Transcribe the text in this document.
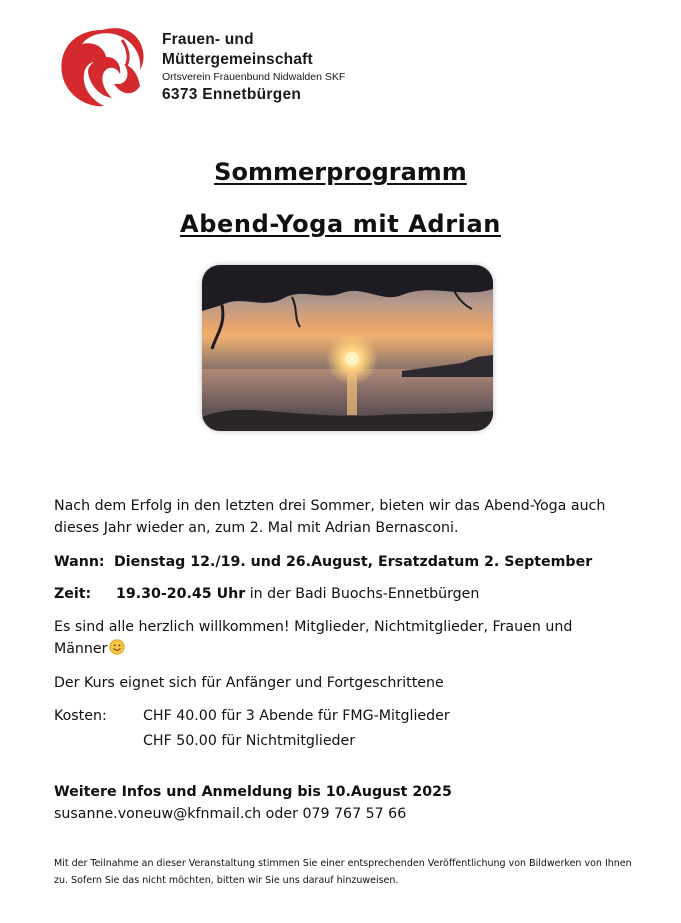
Frauen- und
Müttergemeinschaft
Ortsverein Frauenbund Nidwalden SKF
6373 Ennetbürgen
Sommerprogramm
Abend-Yoga mit Adrian
Nach dem Erfolg in den letzten drei Sommer, bieten wir das Abend-Yoga auch dieses Jahr wieder an, zum 2. Mal mit Adrian Bernasconi.
Wann: Dienstag 12./19. und 26.August, Ersatzdatum 2. September
Zeit: 19.30-20.45 Uhr in der Badi Buochs-Ennetbürgen
Es sind alle herzlich willkommen! Mitglieder, Nichtmitglieder, Frauen und Männer
Der Kurs eignet sich für Anfänger und Fortgeschrittene
Kosten:	CHF 40.00 für 3 Abende für FMG-Mitglieder
CHF 50.00 für Nichtmitglieder
Weitere Infos und Anmeldung bis 10.August 2025
susanne.voneuw@kfnmail.ch oder 079 767 57 66
Mit der Teilnahme an dieser Veranstaltung stimmen Sie einer entsprechenden Veröffentlichung von Bildwerken von Ihnen zu. Sofern Sie das nicht möchten, bitten wir Sie uns darauf hinzuweisen.
